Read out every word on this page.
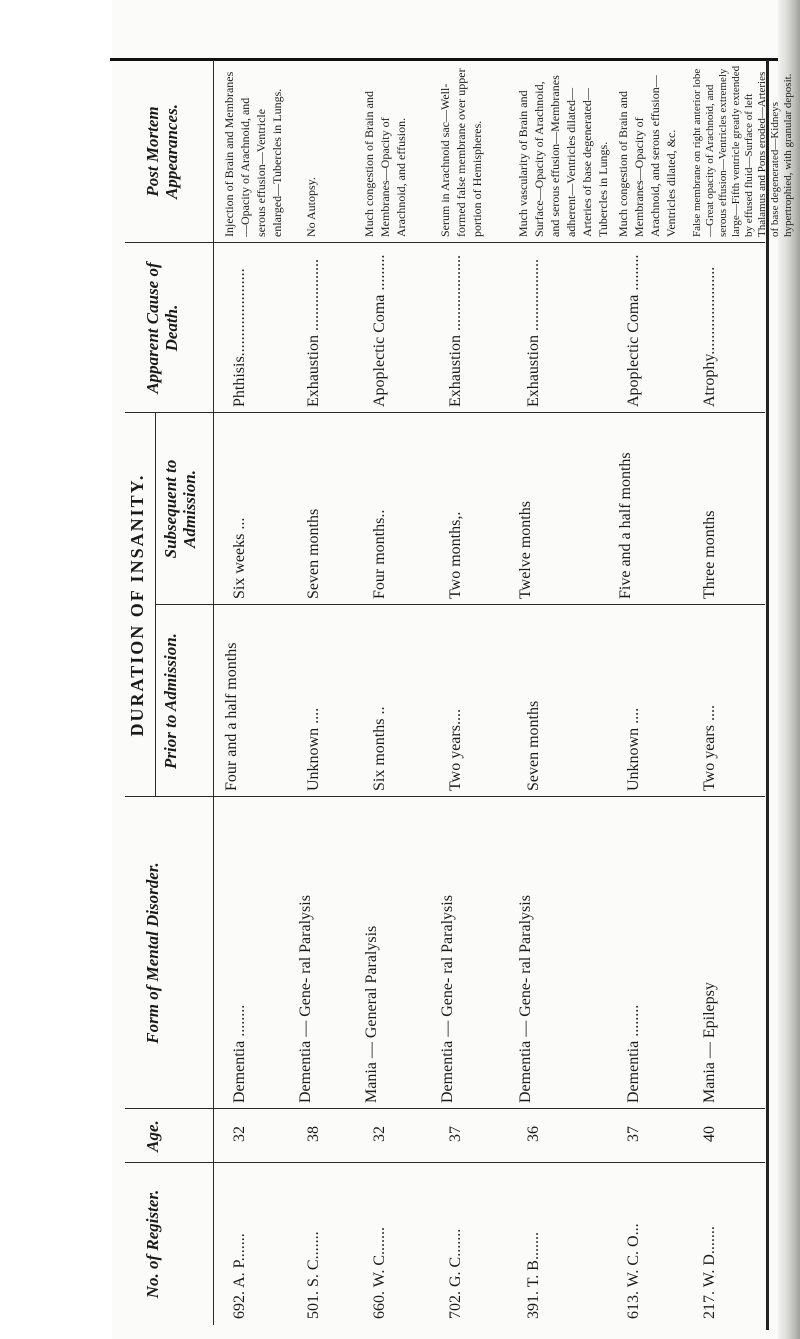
No. of Register.
Age.
Form of Mental Disorder.
DURATION OF INSANITY. Prior to Admission.
Subsequent to Admission.
Apparent Cause of Death.
Post Mortem Appearances.
692. A. P.......
32
Dementia ........
Four and a half months
Six weeks ...
Phthisis......................
Injection of Brain and Membranes—Opacity of Arachnoid, and serous effusion—Ventricle enlarged—Tubercles in Lungs.
501. S. C.......
38
Dementia — Gene- ral Paralysis
Unknown ....
Seven months
Exhaustion ..................
No Autopsy.
660. W. C.......
32
Mania — General Paralysis
Six months ..
Four months..
Apoplectic Coma .........
Much congestion of Brain and Membranes—Opacity of Arachnoid, and effusion.
702. G. C.......
37
Dementia — Gene- ral Paralysis
Two years....
Two months,.
Exhaustion ...................
Serum in Arachnoid sac—Well-formed false membrane over upper portion of Hemispheres.
391. T. B.......
36
Dementia — Gene- ral Paralysis
Seven months
Twelve months
Exhaustion ..................
Much vascularity of Brain and Surface—Opacity of Arachnoid, and serous effusion—Membranes adherent—Ventricles dilated—Arteries of base degenerated—Tubercles in Lungs.
613. W. C. O...
37
Dementia ........
Unknown ....
Five and a half months
Apoplectic Coma .........
Much congestion of Brain and Membranes—Opacity of Arachnoid, and serous effusion—Ventricles dilated, &c.
217. W. D.......
40
Mania — Epilepsy
Two years ....
Three months
Atrophy......................
False membrane on right anterior lobe—Great opacity of Arachnoid, and serous effusion—Ventricles extremely large—Fifth ventricle greatly extended by effused fluid—Surface of left Thalamus and Pons eroded—Arteries of base degenerated—Kidneys hypertrophied, with granular deposit.
